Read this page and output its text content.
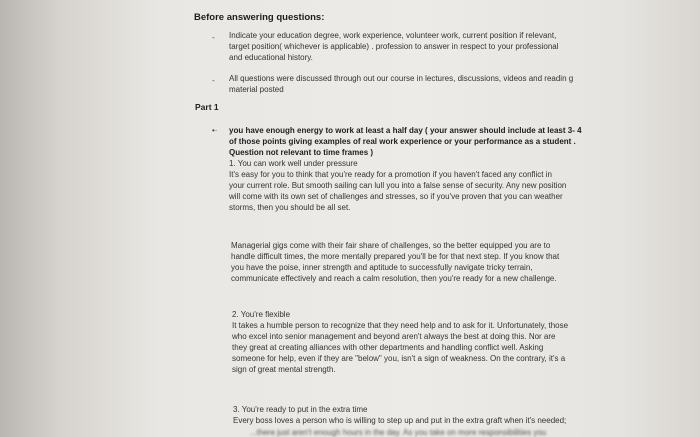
Before answering questions:
- Indicate your education degree, work experience, volunteer work, current position if relevant,
target position( whichever is applicable) . profession to answer in respect to your professional
and educational history.
- All questions were discussed through out our course in lectures, discussions, videos and readin g
material posted
Part 1
•· you have enough energy to work at least a half day ( your answer should include at least 3- 4
of those points giving examples of real work experience or your performance as a student .
Question not relevant to time frames )
1. You can work well under pressure
It's easy for you to think that you're ready for a promotion if you haven't faced any conflict in
your current role. But smooth sailing can lull you into a false sense of security. Any new position
will come with its own set of challenges and stresses, so if you've proven that you can weather
storms, then you should be all set.
Managerial gigs come with their fair share of challenges, so the better equipped you are to
handle difficult times, the more mentally prepared you'll be for that next step. If you know that
you have the poise, inner strength and aptitude to successfully navigate tricky terrain,
communicate effectively and reach a calm resolution, then you're ready for a new challenge.
2. You're flexible
It takes a humble person to recognize that they need help and to ask for it. Unfortunately, those
who excel into senior management and beyond aren't always the best at doing this. Nor are
they great at creating alliances with other departments and handling conflict well. Asking
someone for help, even if they are "below" you, isn't a sign of weakness. On the contrary, it's a
sign of great mental strength.
3. You're ready to put in the extra time
Every boss loves a person who is willing to step up and put in the extra graft when it's needed;
...there just aren't enough hours in the day. As you take on more responsibilities you
